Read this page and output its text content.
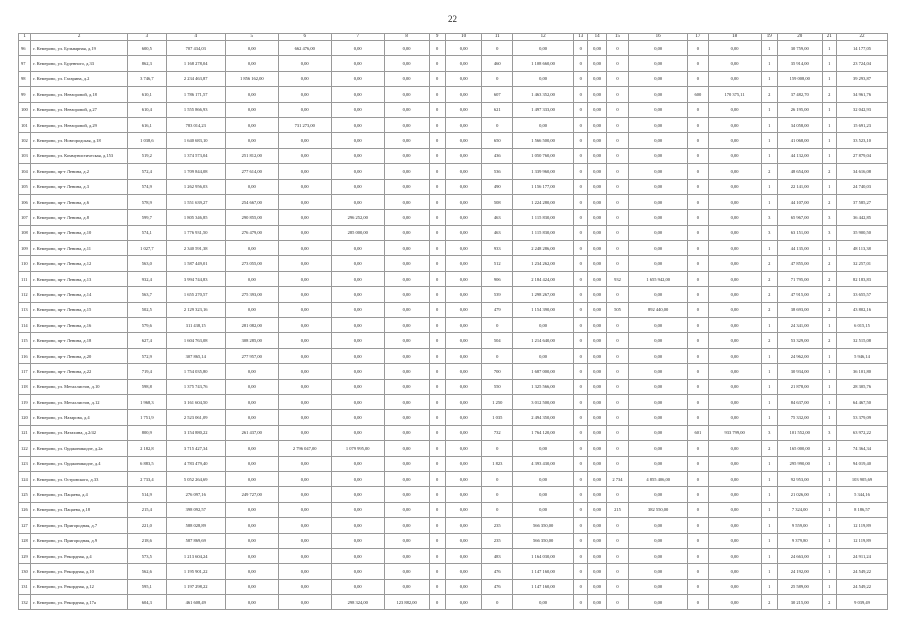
22
1	2	3	4	5	6	7	8	9	10	11	12	13	14	15	16	17	18	19	20	21	22
96	г. Кемерово, ул. Бульварная, д.19	600,5	707 434,03	0,00	662 476,00	0,00	0,00	0	0,00	0	0,00	0	0,00	0	0,00	0	0,00	1	30 759,00	1	14 177,05
97	г. Кемерово, ул. Буденного, д.33	862,3	1 168 278,04	0,00	0,00	0,00	0,00	0	0,00	460	1 108 660,00	0	0,00	0	0,00	0	0,00	1	35 914,00	1	23 724,04
98	г. Кемерово, ул. Гагарина, д.2	3 746,7	2 234 463,87	1 856 162,00	0,00	0,00	0,00	0	0,00	0	0,00	0	0,00	0	0,00	0	0,00	1	159 008,00	1	39 293,87
99	г. Кемерово, ул. Невзоровой, д.18	610,1	1 786 171,57	0,00	0,00	0,00	0,00	0	0,00	607	1 463 352,00	0	0,00	0	0,00	600	170 375,11	2	37 482,70	2	34 961,76
100	г. Кемерово, ул. Невзоровой, д.27	610,4	1 555 866,93	0,00	0,00	0,00	0,00	0	0,00	621	1 497 333,00	0	0,00	0	0,00	0	0,00	1	26 195,00	1	32 042,93
101	г. Кемерово, ул. Невзоровой, д.29	616,1	783 014,23	0,00	731 273,00	0,00	0,00	0	0,00	0	0,00	0	0,00	0	0,00	0	0,00	1	34 058,00	1	15 691,23
102	г. Кемерово, ул. Новгородская, д.18	1 038,6	1 640 683,10	0,00	0,00	0,00	0,00	0	0,00	650	1 566 500,00	0	0,00	0	0,00	0	0,00	1	41 068,00	1	33 523,10
103	г. Кемерово, ул. Коммунистическая, д.153	519,2	1 374 573,04	251 812,00	0,00	0,00	0,00	0	0,00	436	1 050 760,00	0	0,00	0	0,00	0	0,00	1	44 132,00	1	27 879,04
104	г. Кемерово, пр-т Ленина, д.2	572,4	1 709 844,08	277 614,00	0,00	0,00	0,00	0	0,00	536	1 339 960,00	0	0,00	0	0,00	0	0,00	2	48 654,00	2	34 616,08
105	г. Кемерово, пр-т Ленина, д.3	574,9	1 262 956,03	0,00	0,00	0,00	0,00	0	0,00	490	1 156 177,00	0	0,00	0	0,00	0	0,00	1	22 141,00	1	24 740,03
106	г. Кемерово, пр-т Ленина, д.6	578,9	1 551 639,27	254 667,00	0,00	0,00	0,00	0	0,00	508	1 224 280,00	0	0,00	0	0,00	0	0,00	1	44 107,00	2	37 585,27
107	г. Кемерово, пр-т Ленина, д.8	599,7	1 805 346,85	290 855,00	0,00	296 252,00	0,00	0	0,00	463	1 115 830,00	0	0,00	0	0,00	0	0,00	3	65 967,00	3	36 442,85
108	г. Кемерово, пр-т Ленина, д.10	574,1	1 776 931,50	276 479,00	0,00	285 000,00	0,00	0	0,00	463	1 115 830,00	0	0,00	0	0,00	0	0,00	3	63 151,00	3	35 900,50
109	г. Кемерово, пр-т Ленина, д.11	1 027,7	2 340 591,38	0,00	0,00	0,00	0,00	0	0,00	933	2 248 286,00	0	0,00	0	0,00	0	0,00	1	44 135,00	1	48 113,38
110	г. Кемерово, пр-т Ленина, д.12	563,0	1 587 449,01	273 055,00	0,00	0,00	0,00	0	0,00	512	1 234 262,00	0	0,00	0	0,00	0	0,00	2	47 855,00	2	32 257,01
111	г. Кемерово, пр-т Ленина, д.13	932,4	3 994 744,83	0,00	0,00	0,00	0,00	0	0,00	906	2 184 424,00	0	0,00	932	1 655 942,00	0	0,00	2	71 795,00	2	82 183,83
112	г. Кемерово, пр-т Ленина, д.14	563,7	1 655 270,57	275 393,00	0,00	0,00	0,00	0	0,00	539	1 298 267,00	0	0,00	0	0,00	0	0,00	2	47 915,00	2	33 655,57
113	г. Кемерово, пр-т Ленина, д.15	502,5	2 129 323,16	0,00	0,00	0,00	0,00	0	0,00	479	1 154 390,00	0	0,00	505	892 440,00	0	0,00	2	38 693,00	2	43 802,16
114	г. Кемерово, пр-т Ленина, д.16	579,6	311 438,15	281 082,00	0,00	0,00	0,00	0	0,00	0	0,00	0	0,00	0	0,00	0	0,00	1	24 341,00	1	6 015,15
115	г. Кемерово, пр-т Ленина, д.18	627,4	1 604 763,08	308 285,00	0,00	0,00	0,00	0	0,00	504	1 214 640,00	0	0,00	0	0,00	0	0,00	2	53 329,00	2	32 515,08
116	г. Кемерово, пр-т Ленина, д.20	572,9	307 865,14	277 957,00	0,00	0,00	0,00	0	0,00	0	0,00	0	0,00	0	0,00	0	0,00	1	24 962,00	1	5 946,14
117	г. Кемерово, пр-т Ленина, д.22	719,4	1 754 035,80	0,00	0,00	0,00	0,00	0	0,00	700	1 687 000,00	0	0,00	0	0,00	0	0,00	1	30 934,00	1	36 101,80
118	г. Кемерово, ул. Металлистов, д.10	598,8	1 375 743,76	0,00	0,00	0,00	0,00	0	0,00	550	1 325 566,00	0	0,00	0	0,00	0	0,00	1	21 878,00	1	28 305,76
119	г. Кемерово, ул. Металлистов, д.12	1 968,3	3 161 604,50	0,00	0,00	0,00	0,00	0	0,00	1 250	3 012 500,00	0	0,00	0	0,00	0	0,00	1	84 637,00	1	64 467,50
120	г. Кемерово, ул. Назарова, д.4	1 751,9	2 523 061,09	0,00	0,00	0,00	0,00	0	0,00	1 035	2 494 350,00	0	0,00	0	0,00	0	0,00	1	75 332,00	1	53 379,09
121	г. Кемерово, ул. Натахина, д.2/42	800,9	3 154 880,22	261 437,00	0,00	0,00	0,00	0	0,00	732	1 764 120,00	0	0,00	0	0,00	601	933 799,00	3	101 552,00	3	63 972,22
122	г. Кемерово, ул. Орджоникидзе, д.2а	2 182,8	3 715 427,34	0,00	2 796 047,00	1 079 995,00	0,00	0	0,00	0	0,00	0	0,00	0	0,00	0	0,00	2	165 000,00	2	74 364,34
123	г. Кемерово, ул. Орджоникидзе, д.4	6 883,5	4 783 479,40	0,00	0,00	0,00	0,00	0	0,00	1 823	4 393 430,00	0	0,00	0	0,00	0	0,00	1	295 990,00	1	94 019,40
124	г. Кемерово, ул. Островского, д.33	2 733,4	5 052 264,69	0,00	0,00	0,00	0,00	0	0,00	0	0,00	0	0,00	2 734	4 855 406,00	0	0,00	1	92 953,00	1	103 905,69
125	г. Кемерово, ул. Пацаева, д.4	514,9	276 097,16	249 727,00	0,00	0,00	0,00	0	0,00	0	0,00	0	0,00	0	0,00	0	0,00	1	21 026,00	1	5 344,16
126	г. Кемерово, ул. Пацаева, д.18	215,4	398 092,57	0,00	0,00	0,00	0,00	0	0,00	0	0,00	0	0,00	215	382 550,00	0	0,00	1	7 324,00	1	8 186,57
127	г. Кемерово, ул. Пригородная, д.7	221,0	588 028,89	0,00	0,00	0,00	0,00	0	0,00	235	566 350,00	0	0,00	0	0,00	0	0,00	1	9 559,00	1	12 119,89
128	г. Кемерово, ул. Пригородная, д.9	218,6	587 869,69	0,00	0,00	0,00	0,00	0	0,00	235	566 350,00	0	0,00	0	0,00	0	0,00	1	9 379,80	1	12 119,89
129	г. Кемерово, ул. Рекордная, д.4	573,5	1 213 604,24	0,00	0,00	0,00	0,00	0	0,00	483	1 164 030,00	0	0,00	0	0,00	0	0,00	1	24 663,00	1	24 911,24
130	г. Кемерово, ул. Рекордная, д.10	562,6	1 195 901,22	0,00	0,00	0,00	0,00	0	0,00	476	1 147 160,00	0	0,00	0	0,00	0	0,00	1	24 192,00	1	24 549,22
131	г. Кемерово, ул. Рекордная, д.12	595,1	1 197 298,22	0,00	0,00	0,00	0,00	0	0,00	476	1 147 160,00	0	0,00	0	0,00	0	0,00	1	25 589,00	1	24 549,22
132	г. Кемерово, ул. Рекордная, д.17а	604,3	461 608,49	0,00	0,00	298 324,00	123 882,00	0	0,00	0	0,00	0	0,00	0	0,00	0	0,00	2	30 215,00	2	9 039,49
